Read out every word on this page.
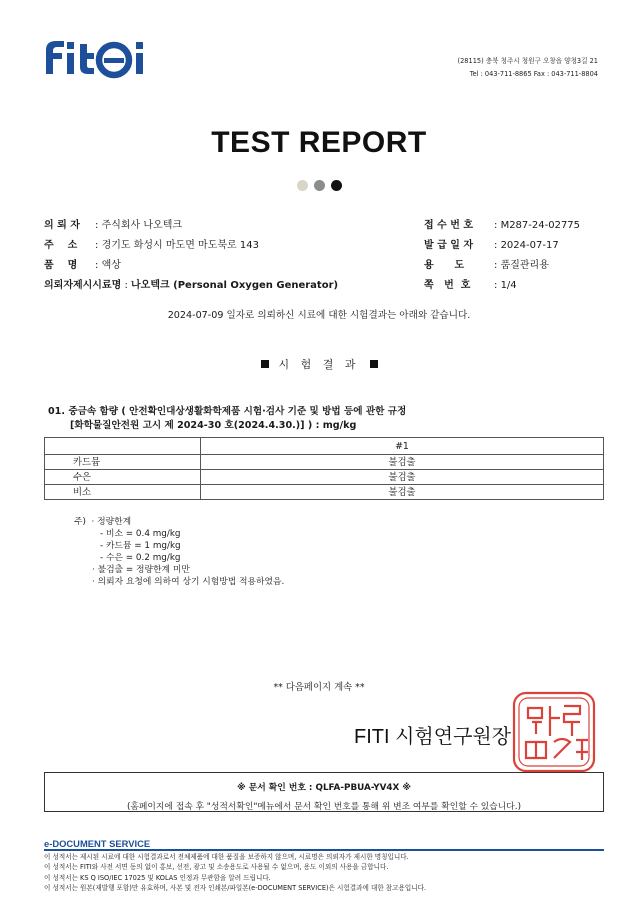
(28115) 충북 청주시 청원구 오창읍 양청3길 21
Tel : 043-711-8865 Fax : 043-711-8804
TEST REPORT
의 뢰 자	: 주식회사 나오텍크
주    소	: 경기도 화성시 마도면 마도북로 143
품    명	: 액상
의뢰자제시시료명 : 나오텍크 (Personal Oxygen Generator)
접 수 번 호	: M287-24-02775
발 급 일 자	: 2024-07-17
용      도	: 품질관리용
쪽   번  호	: 1/4
2024-07-09 일자로 의뢰하신 시료에 대한 시험결과는 아래와 같습니다.
시 험 결 과
01. 중금속 함량 ( 안전확인대상생활화학제품 시험·검사 기준 및 방법 등에 관한 규정
[화학물질안전원 고시 제 2024-30 호(2024.4.30.)] ) : mg/kg
	#1
카드뮴	불검출
수은	불검출
비소	불검출
주) · 정량한계
- 비소 = 0.4 mg/kg
- 카드뮴 = 1 mg/kg
- 수은 = 0.2 mg/kg
· 불검출 = 정량한계 미만
· 의뢰자 요청에 의하여 상기 시험방법 적용하였음.
** 다음페이지 계속 **
FITI 시험연구원장
※ 문서 확인 번호 : QLFA-PBUA-YV4X ※
(홈페이지에 접속 후 "성적서확인"메뉴에서 문서 확인 번호를 통해 위 변조 여부를 확인할 수 있습니다.)
e-DOCUMENT SERVICE
이 성적서는 제시된 시료에 대한 시험결과로서 전체제품에 대한 품질을 보증하지 않으며, 시료명은 의뢰자가 제시한 명칭입니다.
이 성적서는 FITI와 사전 서면 동의 없이 홍보, 선전, 광고 및 소송용도로 사용될 수 없으며, 용도 이외의 사용을 금합니다.
이 성적서는 KS Q ISO/IEC 17025 및 KOLAS 인정과 무관함을 알려 드립니다.
이 성적서는 원본(재발행 포함)만 유효하며, 사본 및 전자 인쇄본/파일본(e-DOCUMENT SERVICE)은 시험결과에 대한 참고용입니다.
